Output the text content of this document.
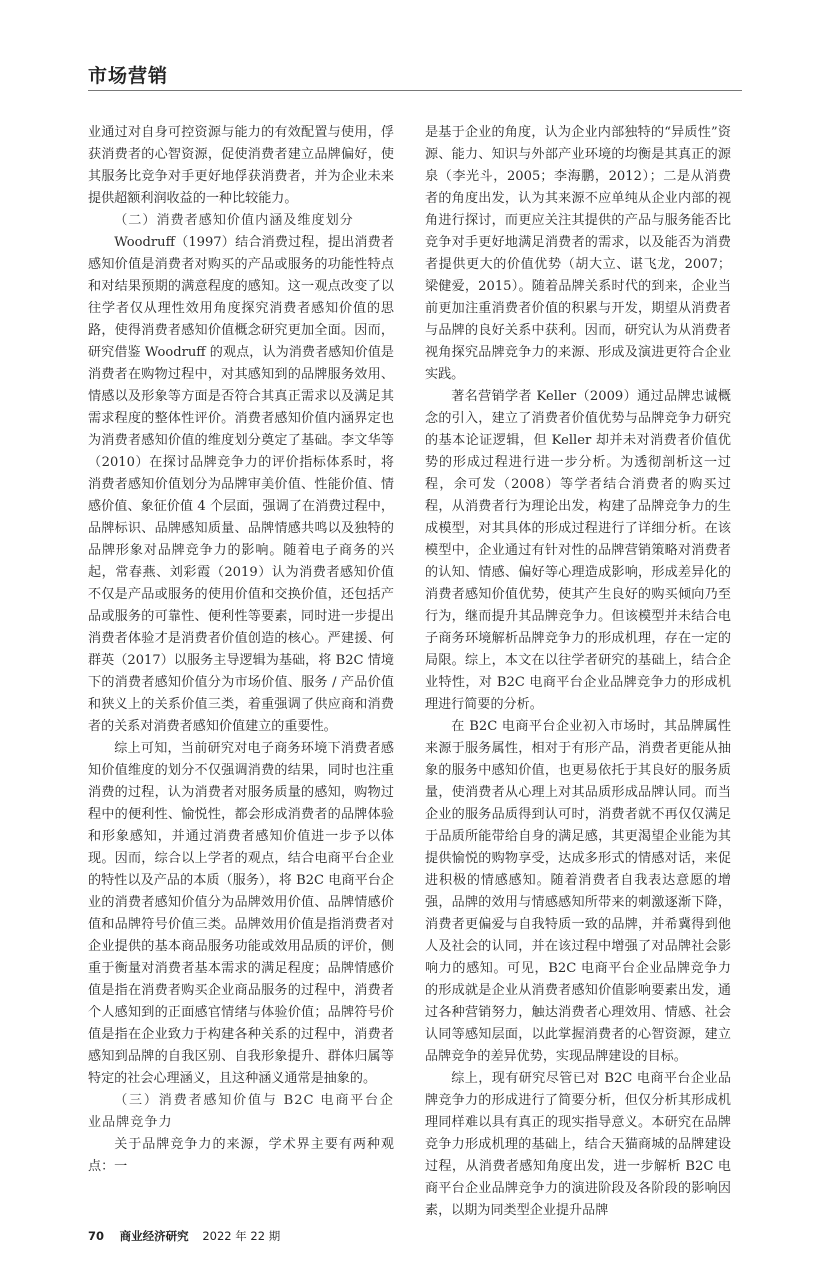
市场营销

业通过对自身可控资源与能力的有效配置与使用，俘获消费者的心智资源，促使消费者建立品牌偏好，使其服务比竞争对手更好地俘获消费者，并为企业未来提供超额利润收益的一种比较能力。

（二）消费者感知价值内涵及维度划分

Woodruff（1997）结合消费过程，提出消费者感知价值是消费者对购买的产品或服务的功能性特点和对结果预期的满意程度的感知。这一观点改变了以往学者仅从理性效用角度探究消费者感知价值的思路，使得消费者感知价值概念研究更加全面。因而，研究借鉴 Woodruff 的观点，认为消费者感知价值是消费者在购物过程中，对其感知到的品牌服务效用、情感以及形象等方面是否符合其真正需求以及满足其需求程度的整体性评价。消费者感知价值内涵界定也为消费者感知价值的维度划分奠定了基础。李文华等（2010）在探讨品牌竞争力的评价指标体系时，将消费者感知价值划分为品牌审美价值、性能价值、情感价值、象征价值 4 个层面，强调了在消费过程中，品牌标识、品牌感知质量、品牌情感共鸣以及独特的品牌形象对品牌竞争力的影响。随着电子商务的兴起，常春燕、刘彩霞（2019）认为消费者感知价值不仅是产品或服务的使用价值和交换价值，还包括产品或服务的可靠性、便利性等要素，同时进一步提出消费者体验才是消费者价值创造的核心。严建援、何群英（2017）以服务主导逻辑为基础，将 B2C 情境下的消费者感知价值分为市场价值、服务 / 产品价值和狭义上的关系价值三类，着重强调了供应商和消费者的关系对消费者感知价值建立的重要性。

综上可知，当前研究对电子商务环境下消费者感知价值维度的划分不仅强调消费的结果，同时也注重消费的过程，认为消费者对服务质量的感知，购物过程中的便利性、愉悦性，都会形成消费者的品牌体验和形象感知，并通过消费者感知价值进一步予以体现。因而，综合以上学者的观点，结合电商平台企业的特性以及产品的本质（服务），将 B2C 电商平台企业的消费者感知价值分为品牌效用价值、品牌情感价值和品牌符号价值三类。品牌效用价值是指消费者对企业提供的基本商品服务功能或效用品质的评价，侧重于衡量对消费者基本需求的满足程度；品牌情感价值是指在消费者购买企业商品服务的过程中，消费者个人感知到的正面感官情绪与体验价值；品牌符号价值是指在企业致力于构建各种关系的过程中，消费者感知到品牌的自我区别、自我形象提升、群体归属等特定的社会心理涵义，且这种涵义通常是抽象的。

（三）消费者感知价值与 B2C 电商平台企业品牌竞争力

关于品牌竞争力的来源，学术界主要有两种观点：一

是基于企业的角度，认为企业内部独特的“异质性”资源、能力、知识与外部产业环境的均衡是其真正的源泉（李光斗，2005；李海鹏，2012）；二是从消费者的角度出发，认为其来源不应单纯从企业内部的视角进行探讨，而更应关注其提供的产品与服务能否比竞争对手更好地满足消费者的需求，以及能否为消费者提供更大的价值优势（胡大立、谌飞龙，2007；梁健爱，2015）。随着品牌关系时代的到来，企业当前更加注重消费者价值的积累与开发，期望从消费者与品牌的良好关系中获利。因而，研究认为从消费者视角探究品牌竞争力的来源、形成及演进更符合企业实践。

著名营销学者 Keller（2009）通过品牌忠诚概念的引入，建立了消费者价值优势与品牌竞争力研究的基本论证逻辑，但 Keller 却并未对消费者价值优势的形成过程进行进一步分析。为透彻剖析这一过程，余可发（2008）等学者结合消费者的购买过程，从消费者行为理论出发，构建了品牌竞争力的生成模型，对其具体的形成过程进行了详细分析。在该模型中，企业通过有针对性的品牌营销策略对消费者的认知、情感、偏好等心理造成影响，形成差异化的消费者感知价值优势，使其产生良好的购买倾向乃至行为，继而提升其品牌竞争力。但该模型并未结合电子商务环境解析品牌竞争力的形成机理，存在一定的局限。综上，本文在以往学者研究的基础上，结合企业特性，对 B2C 电商平台企业品牌竞争力的形成机理进行简要的分析。

在 B2C 电商平台企业初入市场时，其品牌属性来源于服务属性，相对于有形产品，消费者更能从抽象的服务中感知价值，也更易依托于其良好的服务质量，使消费者从心理上对其品质形成品牌认同。而当企业的服务品质得到认可时，消费者就不再仅仅满足于品质所能带给自身的满足感，其更渴望企业能为其提供愉悦的购物享受，达成多形式的情感对话，来促进积极的情感感知。随着消费者自我表达意愿的增强，品牌的效用与情感感知所带来的刺激逐渐下降，消费者更偏爱与自我特质一致的品牌，并希冀得到他人及社会的认同，并在该过程中增强了对品牌社会影响力的感知。可见，B2C 电商平台企业品牌竞争力的形成就是企业从消费者感知价值影响要素出发，通过各种营销努力，触达消费者心理效用、情感、社会认同等感知层面，以此掌握消费者的心智资源，建立品牌竞争的差异优势，实现品牌建设的目标。

综上，现有研究尽管已对 B2C 电商平台企业品牌竞争力的形成进行了简要分析，但仅分析其形成机理同样难以具有真正的现实指导意义。本研究在品牌竞争力形成机理的基础上，结合天猫商城的品牌建设过程，从消费者感知角度出发，进一步解析 B2C 电商平台企业品牌竞争力的演进阶段及各阶段的影响因素，以期为同类型企业提升品牌

70 商业经济研究 2022 年 22 期
